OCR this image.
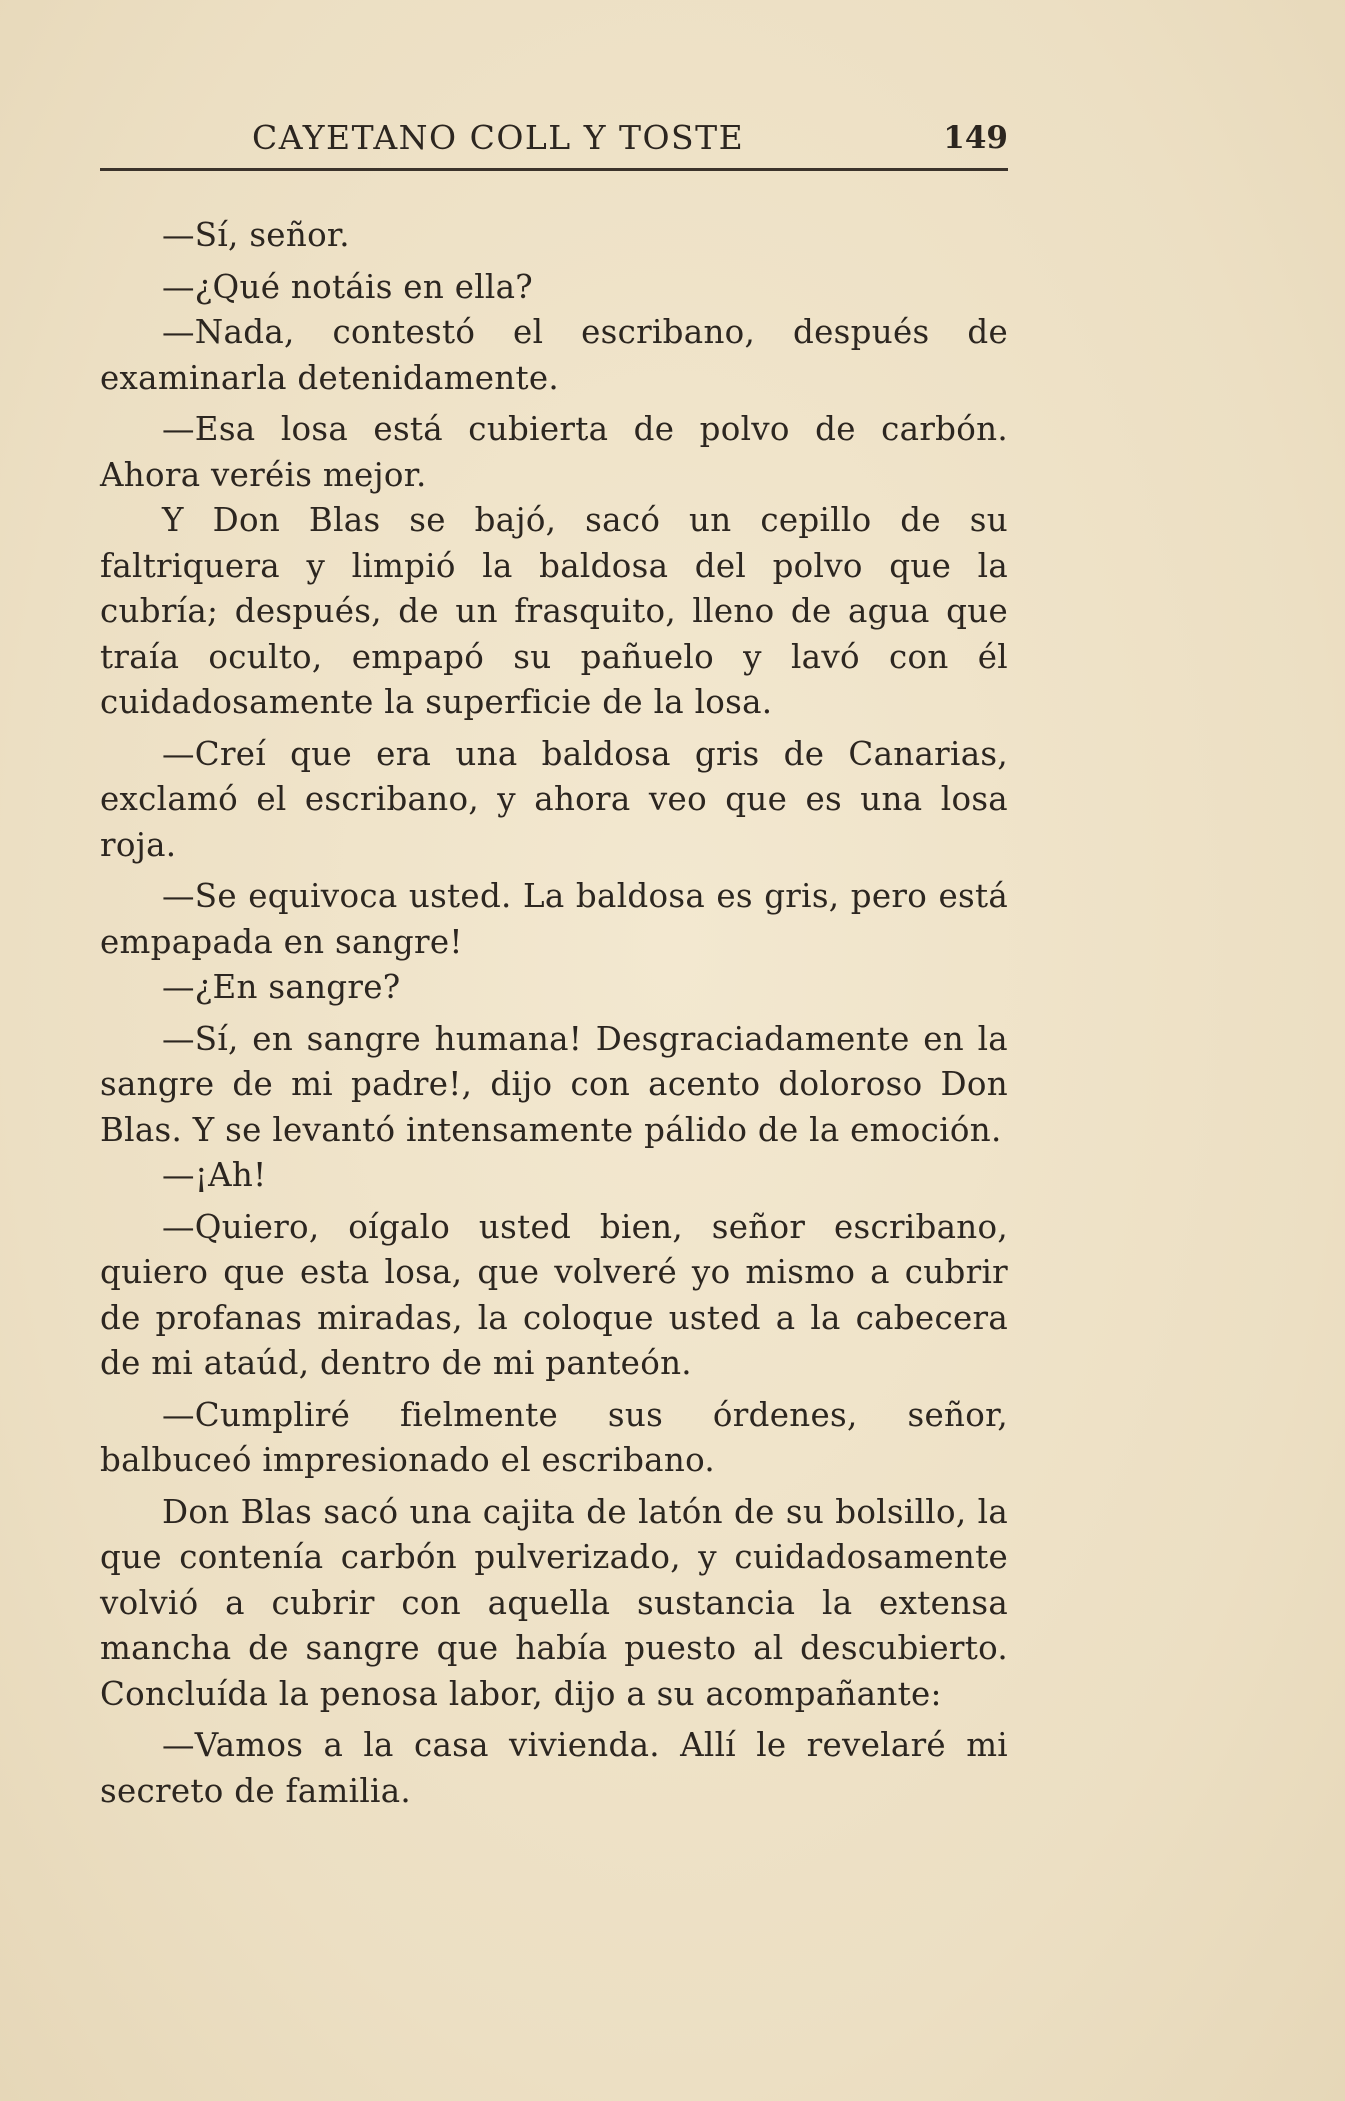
CAYETANO COLL Y TOSTE	149

—Sí, señor.

—¿Qué notáis en ella?

—Nada, contestó el escribano, después de examinarla detenidamente.

—Esa losa está cubierta de polvo de carbón. Ahora veréis mejor.

Y Don Blas se bajó, sacó un cepillo de su faltriquera y limpió la baldosa del polvo que la cubría; después, de un frasquito, lleno de agua que traía oculto, empapó su pañuelo y lavó con él cuidadosamente la superficie de la losa.

—Creí que era una baldosa gris de Canarias, exclamó el escribano, y ahora veo que es una losa roja.

—Se equivoca usted. La baldosa es gris, pero está empapada en sangre!

—¿En sangre?

—Sí, en sangre humana! Desgraciadamente en la sangre de mi padre!, dijo con acento doloroso Don Blas. Y se levantó intensamente pálido de la emoción.

—¡Ah!

—Quiero, oígalo usted bien, señor escribano, quiero que esta losa, que volveré yo mismo a cubrir de profanas miradas, la coloque usted a la cabecera de mi ataúd, dentro de mi panteón.

—Cumpliré fielmente sus órdenes, señor, balbuceó impresionado el escribano.

Don Blas sacó una cajita de latón de su bolsillo, la que contenía carbón pulverizado, y cuidadosamente volvió a cubrir con aquella sustancia la extensa mancha de sangre que había puesto al descubierto. Concluída la penosa labor, dijo a su acompañante:

—Vamos a la casa vivienda. Allí le revelaré mi secreto de familia.
